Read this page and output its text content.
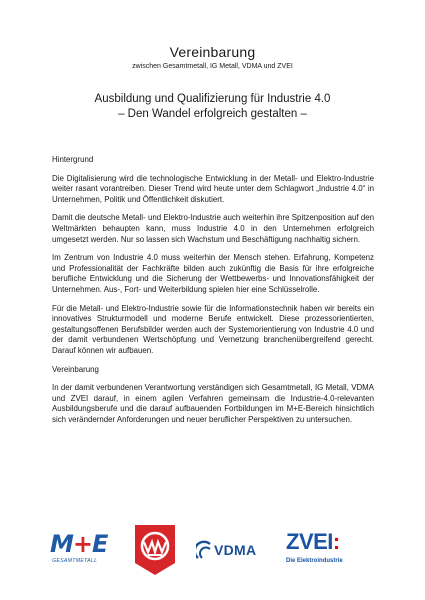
Vereinbarung
zwischen Gesamtmetall, IG Metall, VDMA und ZVEI
Ausbildung und Qualifizierung für Industrie 4.0
– Den Wandel erfolgreich gestalten –
Hintergrund

Die Digitalisierung wird die technologische Entwicklung in der Metall- und Elektro-Industrie weiter rasant vorantreiben. Dieser Trend wird heute unter dem Schlagwort „Industrie 4.0“ in Unternehmen, Politik und Öffentlichkeit diskutiert.

Damit die deutsche Metall- und Elektro-Industrie auch weiterhin ihre Spitzenposition auf den Weltmärkten behaupten kann, muss Industrie 4.0 in den Unternehmen erfolgreich umgesetzt werden. Nur so lassen sich Wachstum und Beschäftigung nachhaltig sichern.

Im Zentrum von Industrie 4.0 muss weiterhin der Mensch stehen. Erfahrung, Kompetenz und Professionalität der Fachkräfte bilden auch zukünftig die Basis für ihre erfolgreiche berufliche Entwicklung und die Sicherung der Wettbewerbs- und Innovationsfähigkeit der Unternehmen. Aus-, Fort- und Weiterbildung spielen hier eine Schlüsselrolle.

Für die Metall- und Elektro-Industrie sowie für die Informationstechnik haben wir bereits ein innovatives Strukturmodell und moderne Berufe entwickelt. Diese prozessorientierten, gestaltungsoffenen Berufsbilder werden auch der Systemorientierung von Industrie 4.0 und der damit verbundenen Wertschöpfung und Vernetzung branchenübergreifend gerecht. Darauf können wir aufbauen.

Vereinbarung

In der damit verbundenen Verantwortung verständigen sich Gesamtmetall, IG Metall, VDMA und ZVEI darauf, in einem agilen Verfahren gemeinsam die Industrie-4.0-relevanten Ausbildungsberufe und die darauf aufbauenden Fortbildungen im M+E-Bereich hinsichtlich sich verändernder Anforderungen und neuer beruflicher Perspektiven zu untersuchen.

M+E
GESAMTMETALL
VDMA ZVEI:
Die Elektroindustrie
